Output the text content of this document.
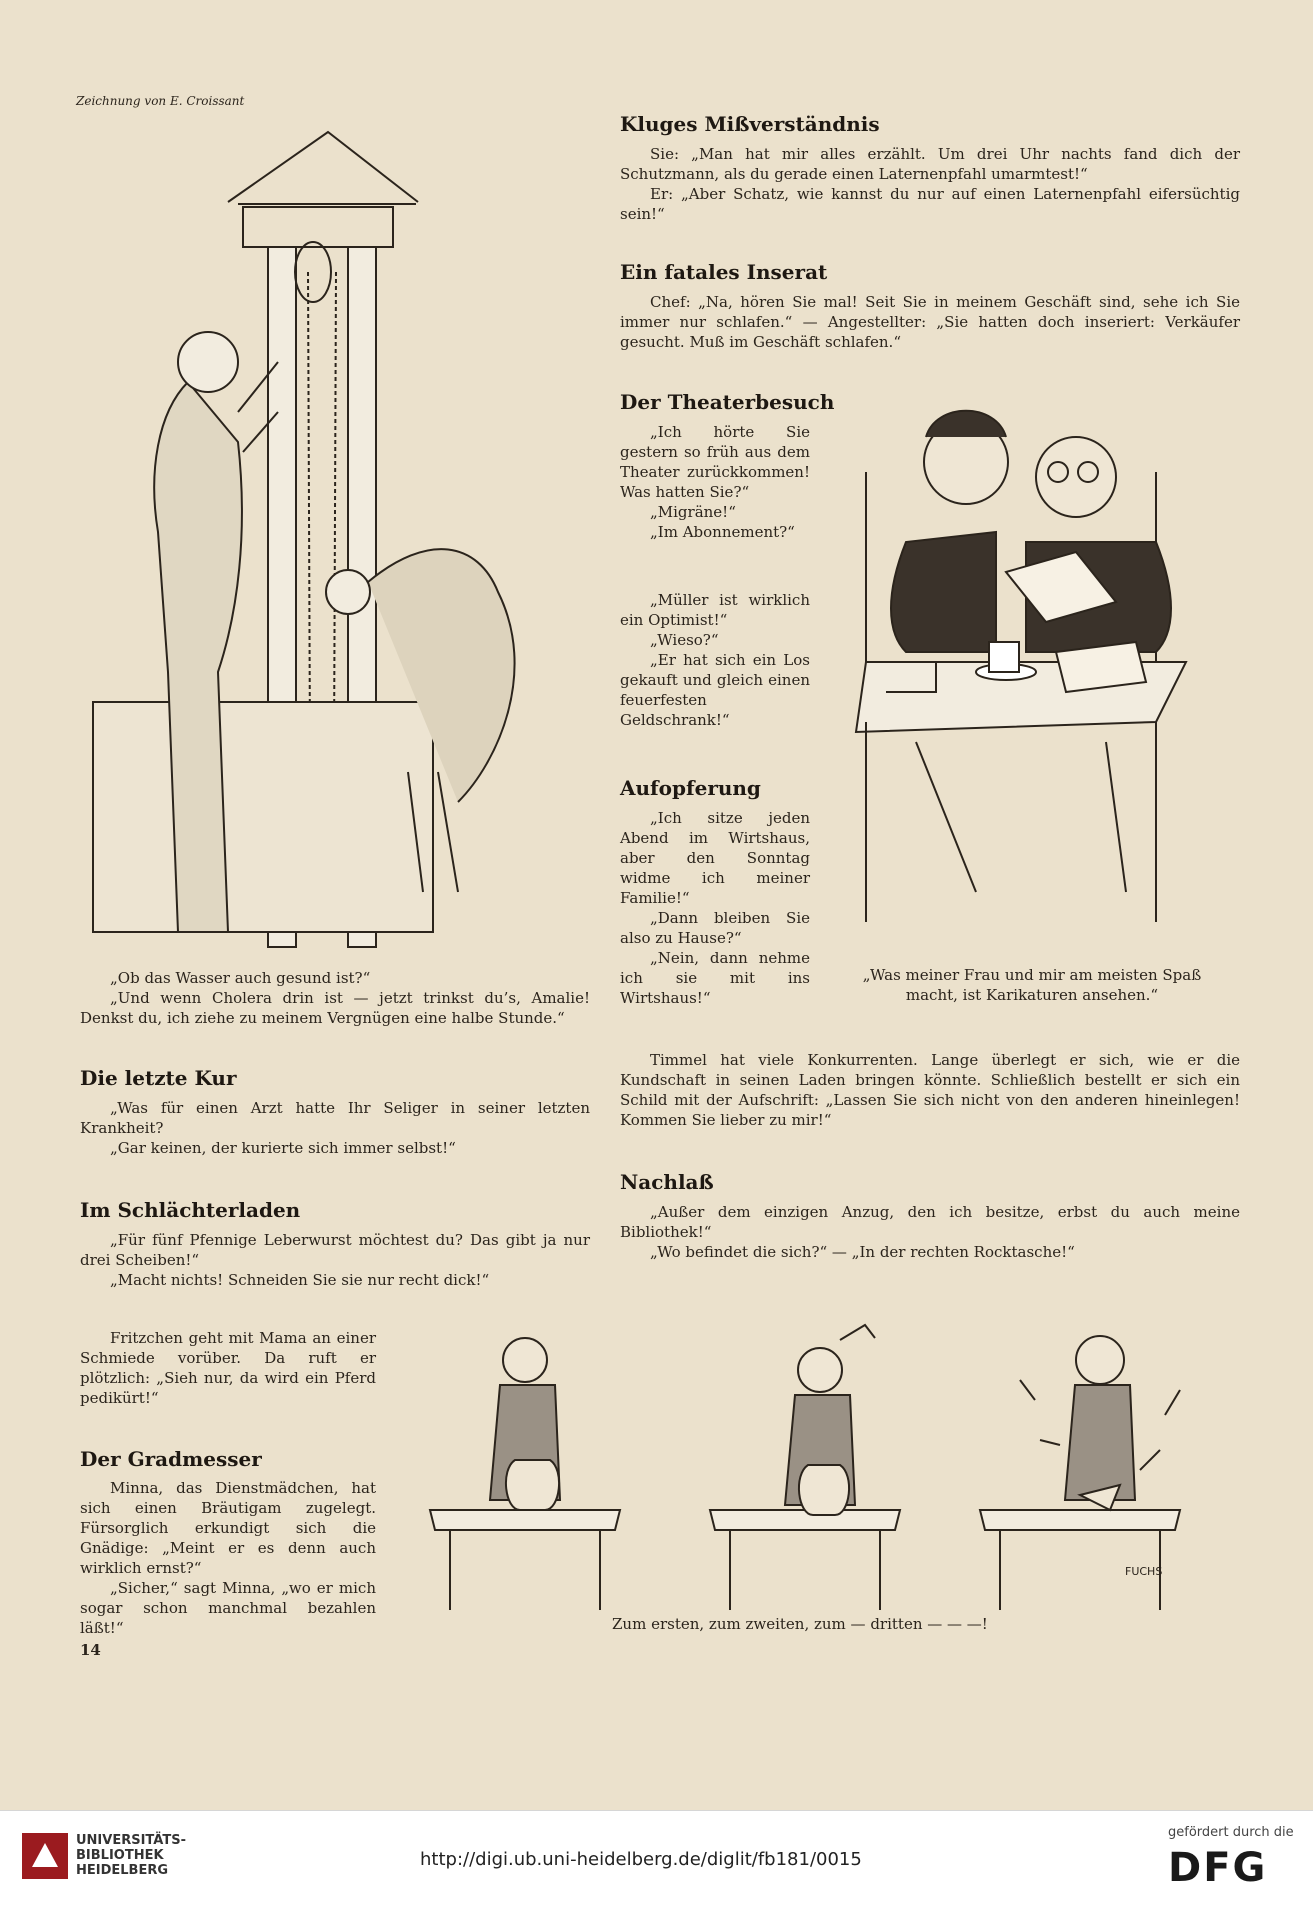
Zeichnung von E. Croissant

„Ob das Wasser auch gesund ist?“

„Und wenn Cholera drin ist — jetzt trinkst du’s, Amalie! Denkst du, ich ziehe zu meinem Vergnügen eine halbe Stunde.“

Die letzte Kur

„Was für einen Arzt hatte Ihr Seliger in seiner letzten Krankheit?

„Gar keinen, der kurierte sich immer selbst!“

Im Schlächterladen

„Für fünf Pfennige Leberwurst möchtest du? Das gibt ja nur drei Scheiben!“

„Macht nichts! Schneiden Sie sie nur recht dick!“

Fritzchen geht mit Mama an einer Schmiede vorüber. Da ruft er plötzlich: „Sieh nur, da wird ein Pferd pedikürt!“

Der Gradmesser

Minna, das Dienstmädchen, hat sich einen Bräutigam zugelegt. Fürsorglich erkundigt sich die Gnädige: „Meint er es denn auch wirklich ernst?“

„Sicher,“ sagt Minna, „wo er mich sogar schon manchmal bezahlen läßt!“

14
Kluges Mißverständnis

Sie: „Man hat mir alles erzählt. Um drei Uhr nachts fand dich der Schutzmann, als du gerade einen Laternenpfahl umarmtest!“

Er: „Aber Schatz, wie kannst du nur auf einen Laternenpfahl eifersüchtig sein!“

Ein fatales Inserat

Chef: „Na, hören Sie mal! Seit Sie in meinem Geschäft sind, sehe ich Sie immer nur schlafen.“ — Angestellter: „Sie hatten doch inseriert: Verkäufer gesucht. Muß im Geschäft schlafen.“

Der Theaterbesuch

„Ich hörte Sie gestern so früh aus dem Theater zurückkommen! Was hatten Sie?“

„Migräne!“

„Im Abonnement?“

„Müller ist wirklich ein Optimist!“

„Wieso?“

„Er hat sich ein Los gekauft und gleich einen feuerfesten Geldschrank!“

Aufopferung

„Ich sitze jeden Abend im Wirtshaus, aber den Sonntag widme ich meiner Familie!“

„Dann bleiben Sie also zu Hause?“

„Nein, dann nehme ich sie mit ins Wirtshaus!“

„Was meiner Frau und mir am meisten Spaß macht, ist Karikaturen ansehen.“

Timmel hat viele Konkurrenten. Lange überlegt er sich, wie er die Kundschaft in seinen Laden bringen könnte. Schließlich bestellt er sich ein Schild mit der Aufschrift: „Lassen Sie sich nicht von den anderen hineinlegen! Kommen Sie lieber zu mir!“

Nachlaß

„Außer dem einzigen Anzug, den ich besitze, erbst du auch meine Bibliothek!“

„Wo befindet die sich?“ — „In der rechten Rocktasche!“

FUCHS
Zum ersten, zum zweiten, zum — dritten — — —!
UNIVERSITÄTS-
BIBLIOTHEK
HEIDELBERG
http://digi.ub.uni-heidelberg.de/diglit/fb181/0015
gefördert durch die
DFG
